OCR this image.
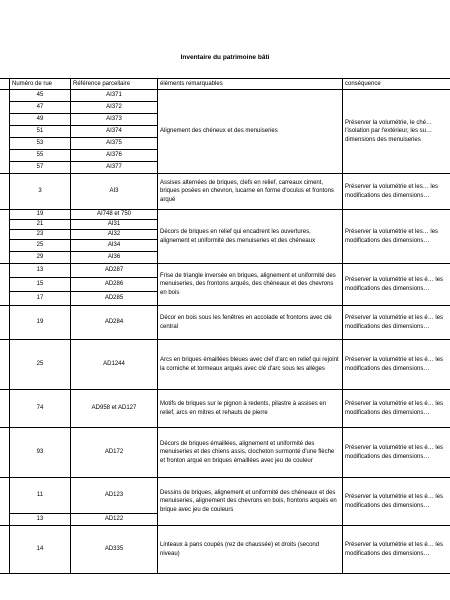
Inventaire du patrimoine bâti
	Numéro de rue	Référence parcellaire	éléments remarquables	conséquence
	45	AI371	Alignement des chéneux et des menuiseries	Préserver la volumétrie, le ché… l'isolation par l'extérieur, les su… dimensions des menuiseries
	47	AI372		
	49	AI373		
	51	AI374		
	53	AI375		
	55	AI376		
	57	AI377		
	3	AI3	Assises alternées de briques, clefs en relief, carreaux ciment, briques posées en chevron, lucarne en forme d'oculus et frontons arqué	Préserver la volumétrie et les… les modifications des dimensions…
	19	AI748 et 750	Décors de briques en relief qui encadrent les ouvertures, alignement et uniformité des menuiseries et des chéneaux	Préserver la volumétrie et les… les modifications des dimensions…
	21	AI31		
	23	AI32		
	25	AI34		
	29	AI36		
	13	AD287	Frise de triangle inversée en briques, alignement et uniformité des menuiseries, des frontons arqués, des chéneaux et des chevrons en bois	Préserver la volumétrie et les é… les modifications des dimensions…
	15	AD286		
	17	AD285		
	19	AD284	Décor en bois sous les fenêtres en accolade et frontons avec clé central	Préserver la volumétrie et les é… les modifications des dimensions…
	25	AD1244	Arcs en briques émaillées bleues avec clef d'arc en relief qui rejoint la corniche et tormeaux arqués avec clé d'arc sous les allèges	Préserver la volumétrie et les é… les modifications des dimensions…
	74	AD958 et AD127	Motifs de briques sur le pignon à redents, pilastre à assises en relief, arcs en mitres et rehauts de pierre	Préserver la volumétrie et les é… les modifications des dimensions…
	93	AD172	Décors de briques émaillées, alignement et uniformité des menuiseries et des chiens assis, clocheton surmonté d'une flèche et fronton arqué en briques émaillées avec jeu de couleur	Préserver la volumétrie et les é… les modifications des dimensions…
	11	AD123	Dessins de briques, alignement et uniformité des chéneaux et des menuiseries, alignement des chevrons en bois, frontons arqués en brique avec jeu de couleurs	Préserver la volumétrie et les é… les modifications des dimensions…
	13	AD122		
	14	AD335	Linteaux à pans coupés (rez de chaussée) et droits (second niveau)	Préserver la volumétrie et les é… les modifications des dimensions…
